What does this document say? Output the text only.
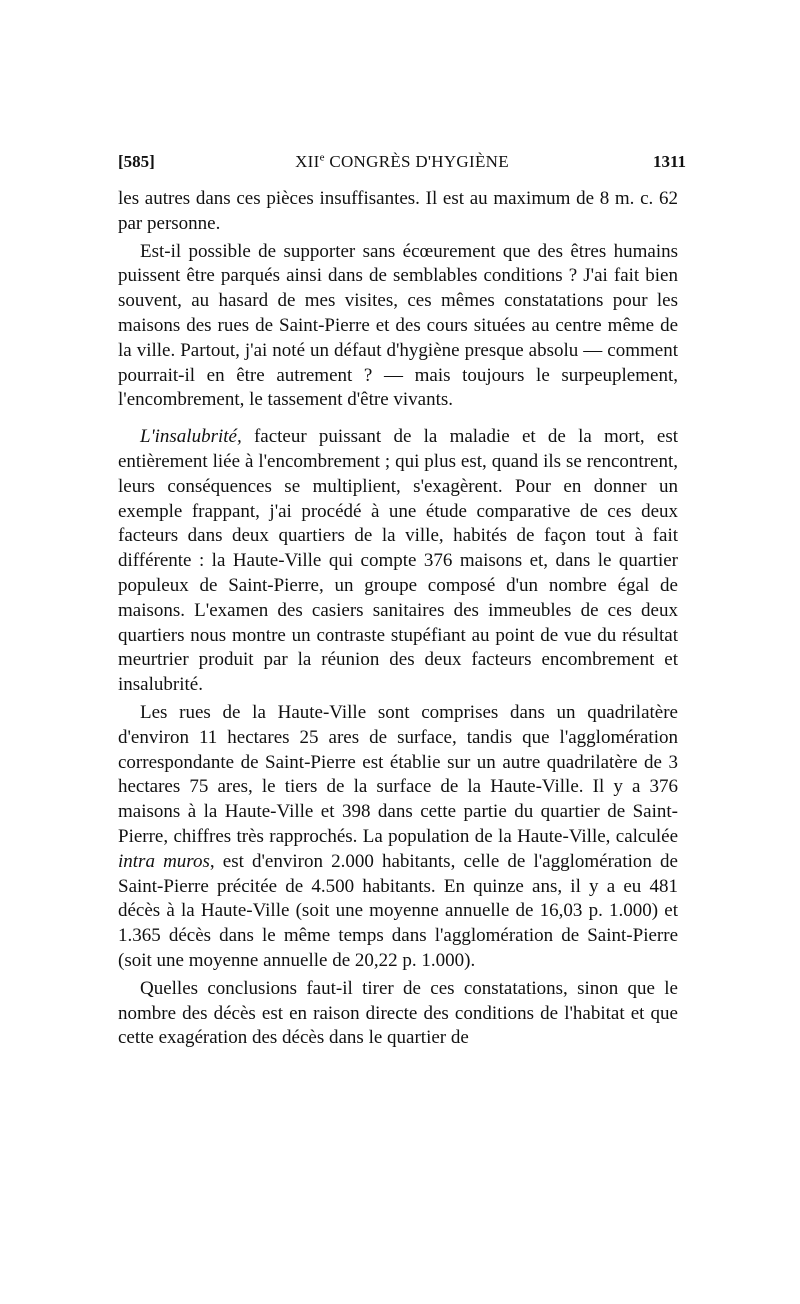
[585]	XIIe CONGRÈS D'HYGIÈNE	1311

les autres dans ces pièces insuffisantes. Il est au maximum de 8 m. c. 62 par personne.

Est-il possible de supporter sans écœurement que des êtres humains puissent être parqués ainsi dans de semblables conditions ? J'ai fait bien souvent, au hasard de mes visites, ces mêmes constatations pour les maisons des rues de Saint-Pierre et des cours situées au centre même de la ville. Partout, j'ai noté un défaut d'hygiène presque absolu — comment pourrait-il en être autrement ? — mais toujours le surpeuplement, l'encombrement, le tassement d'être vivants.

L'insalubrité, facteur puissant de la maladie et de la mort, est entièrement liée à l'encombrement ; qui plus est, quand ils se rencontrent, leurs conséquences se multiplient, s'exagèrent. Pour en donner un exemple frappant, j'ai procédé à une étude comparative de ces deux facteurs dans deux quartiers de la ville, habités de façon tout à fait différente : la Haute-Ville qui compte 376 maisons et, dans le quartier populeux de Saint-Pierre, un groupe composé d'un nombre égal de maisons. L'examen des casiers sanitaires des immeubles de ces deux quartiers nous montre un contraste stupéfiant au point de vue du résultat meurtrier produit par la réunion des deux facteurs encombrement et insalubrité.

Les rues de la Haute-Ville sont comprises dans un quadrilatère d'environ 11 hectares 25 ares de surface, tandis que l'agglomération correspondante de Saint-Pierre est établie sur un autre quadrilatère de 3 hectares 75 ares, le tiers de la surface de la Haute-Ville. Il y a 376 maisons à la Haute-Ville et 398 dans cette partie du quartier de Saint-Pierre, chiffres très rapprochés. La population de la Haute-Ville, calculée intra muros, est d'environ 2.000 habitants, celle de l'agglomération de Saint-Pierre précitée de 4.500 habitants. En quinze ans, il y a eu 481 décès à la Haute-Ville (soit une moyenne annuelle de 16,03 p. 1.000) et 1.365 décès dans le même temps dans l'agglomération de Saint-Pierre (soit une moyenne annuelle de 20,22 p. 1.000).

Quelles conclusions faut-il tirer de ces constatations, sinon que le nombre des décès est en raison directe des conditions de l'habitat et que cette exagération des décès dans le quartier de
